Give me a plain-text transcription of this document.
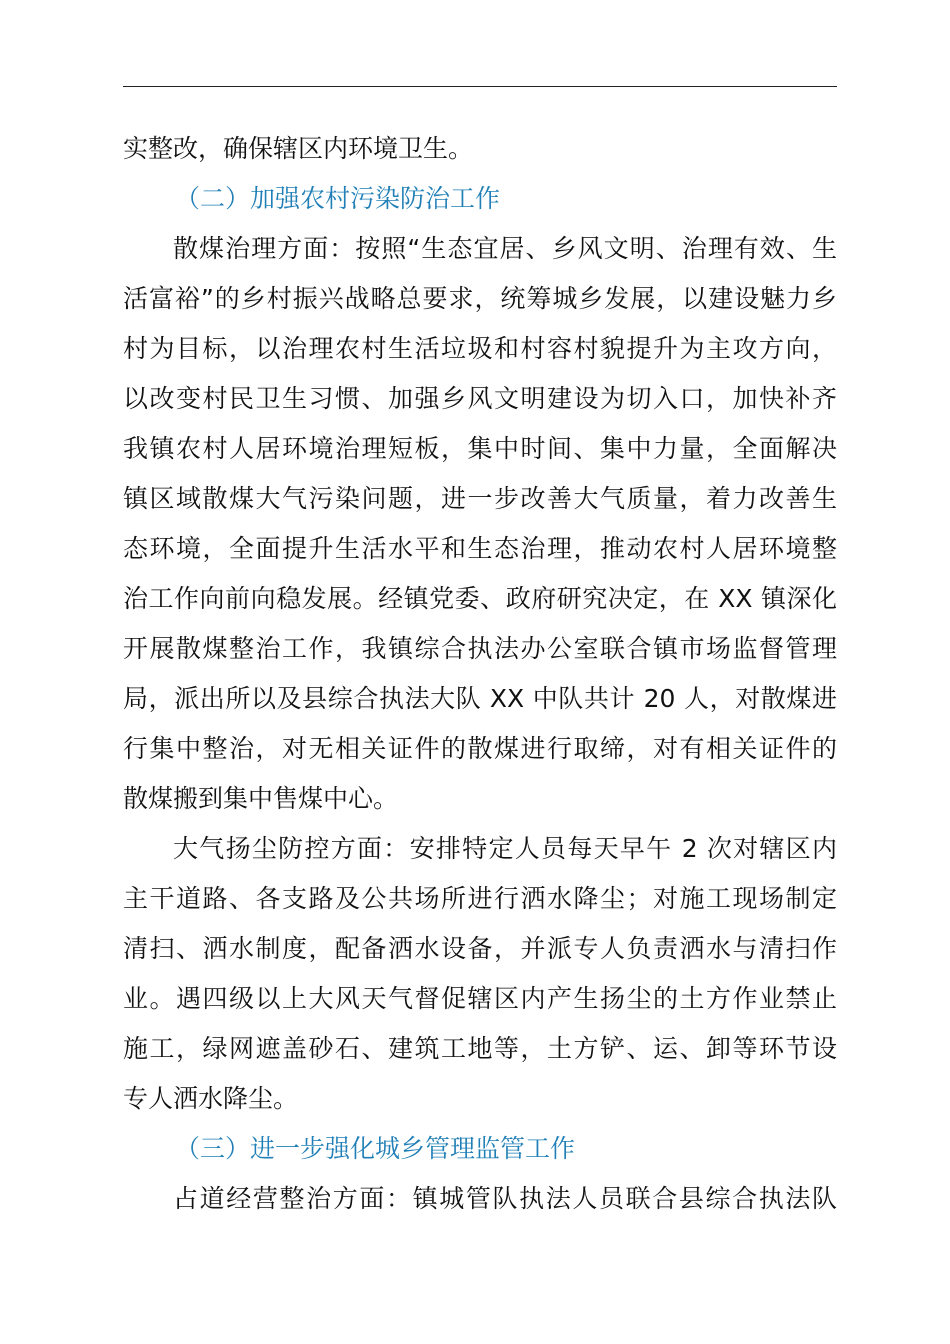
实整改，确保辖区内环境卫生。
（二）加强农村污染防治工作
散煤治理方面：按照“生态宜居、乡风文明、治理有效、生
活富裕”的乡村振兴战略总要求，统筹城乡发展，以建设魅力乡
村为目标，以治理农村生活垃圾和村容村貌提升为主攻方向，
以改变村民卫生习惯、加强乡风文明建设为切入口，加快补齐
我镇农村人居环境治理短板，集中时间、集中力量，全面解决
镇区域散煤大气污染问题，进一步改善大气质量，着力改善生
态环境，全面提升生活水平和生态治理，推动农村人居环境整
治工作向前向稳发展。经镇党委、政府研究决定，在 XX 镇深化
开展散煤整治工作，我镇综合执法办公室联合镇市场监督管理
局，派出所以及县综合执法大队 XX 中队共计 20 人，对散煤进
行集中整治，对无相关证件的散煤进行取缔，对有相关证件的
散煤搬到集中售煤中心。
大气扬尘防控方面：安排特定人员每天早午 2 次对辖区内
主干道路、各支路及公共场所进行洒水降尘；对施工现场制定
清扫、洒水制度，配备洒水设备，并派专人负责洒水与清扫作
业。遇四级以上大风天气督促辖区内产生扬尘的土方作业禁止
施工，绿网遮盖砂石、建筑工地等，土方铲、运、卸等环节设
专人洒水降尘。
（三）进一步强化城乡管理监管工作
占道经营整治方面：镇城管队执法人员联合县综合执法队
